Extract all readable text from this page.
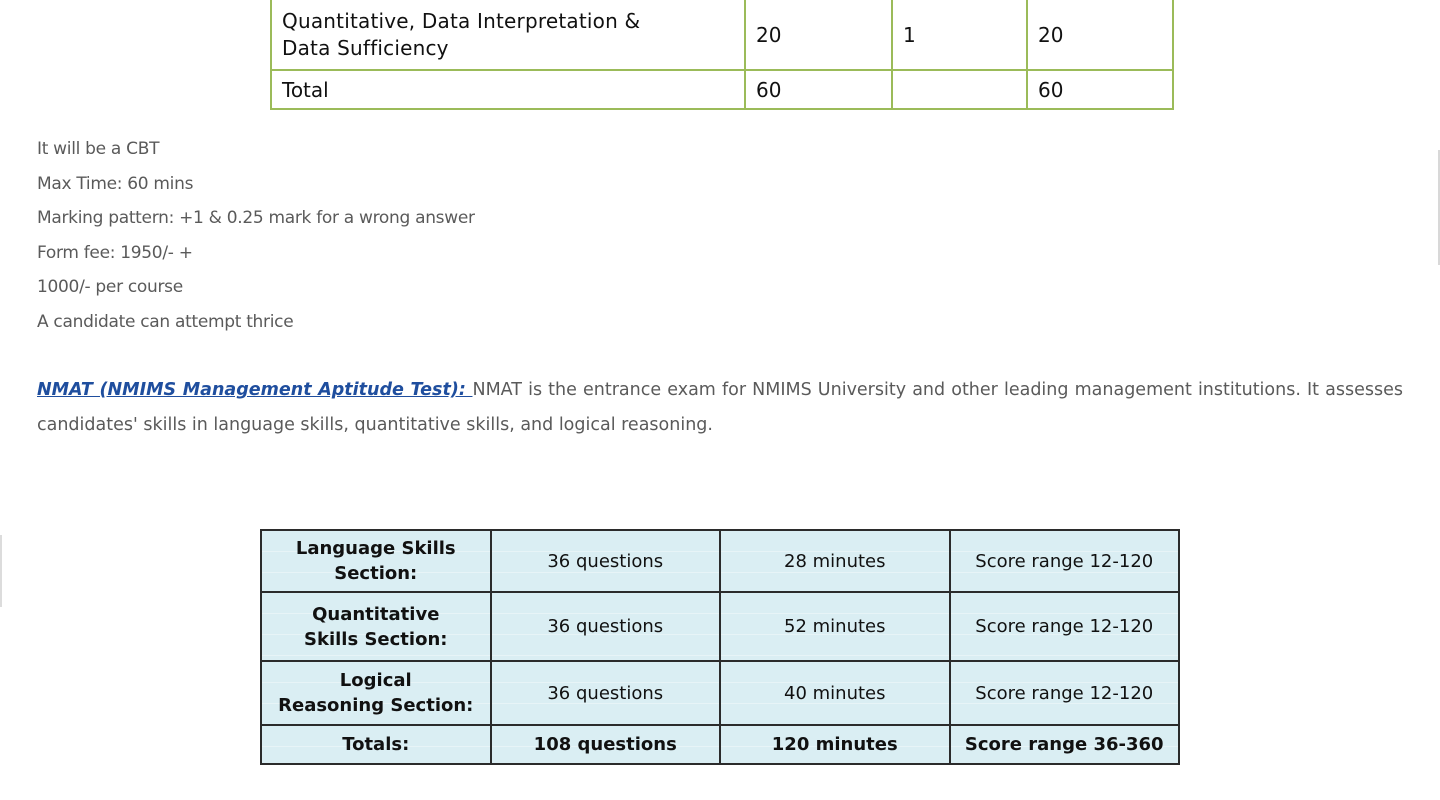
Quantitative, Data Interpretation &
Data Sufficiency	20	1	20
Total	60		60
It will be a CBT
Max Time: 60 mins
Marking pattern: +1 & 0.25 mark for a wrong answer
Form fee: 1950/- +
1000/- per course
A candidate can attempt thrice

NMAT (NMIMS Management Aptitude Test): NMAT is the entrance exam for NMIMS University and other leading management institutions. It assesses
candidates' skills in language skills, quantitative skills, and logical reasoning.

Language Skills Section:	36 questions	28 minutes	Score range 12-120
Quantitative
Skills Section:	36 questions	52 minutes	Score range 12-120
Logical
Reasoning Section:	36 questions	40 minutes	Score range 12-120
Totals:	108 questions	120 minutes	Score range 36-360
